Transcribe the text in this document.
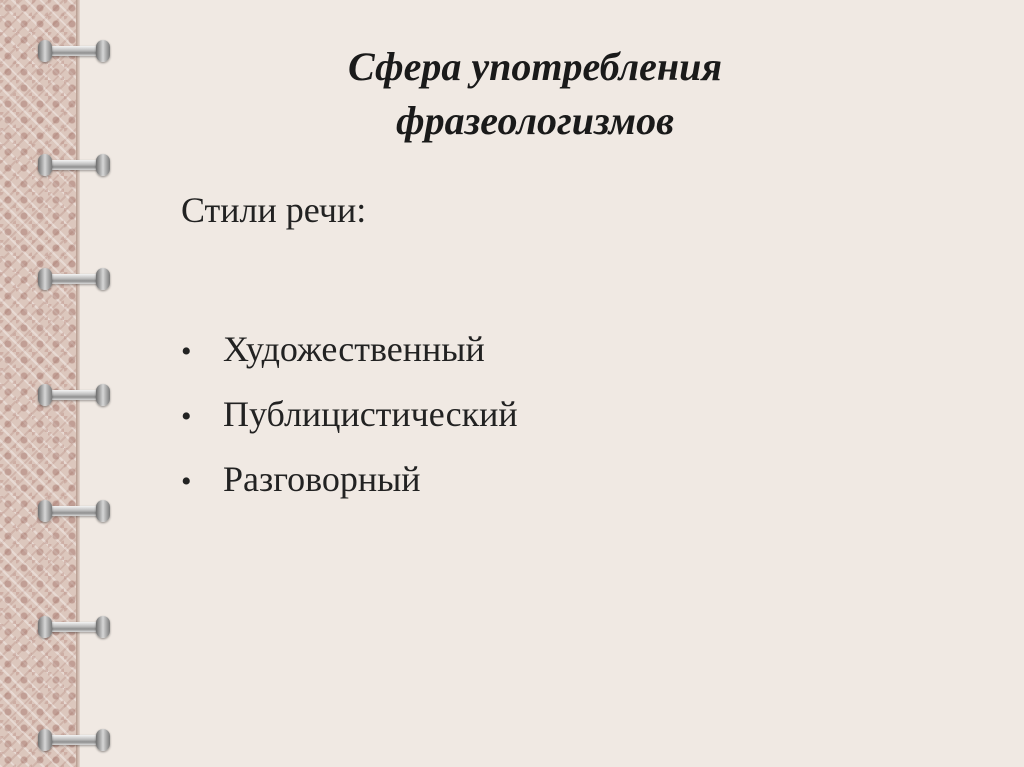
Сфера употребления
фразеологизмов
Стили речи:
• Художественный
• Публицистический
• Разговорный
